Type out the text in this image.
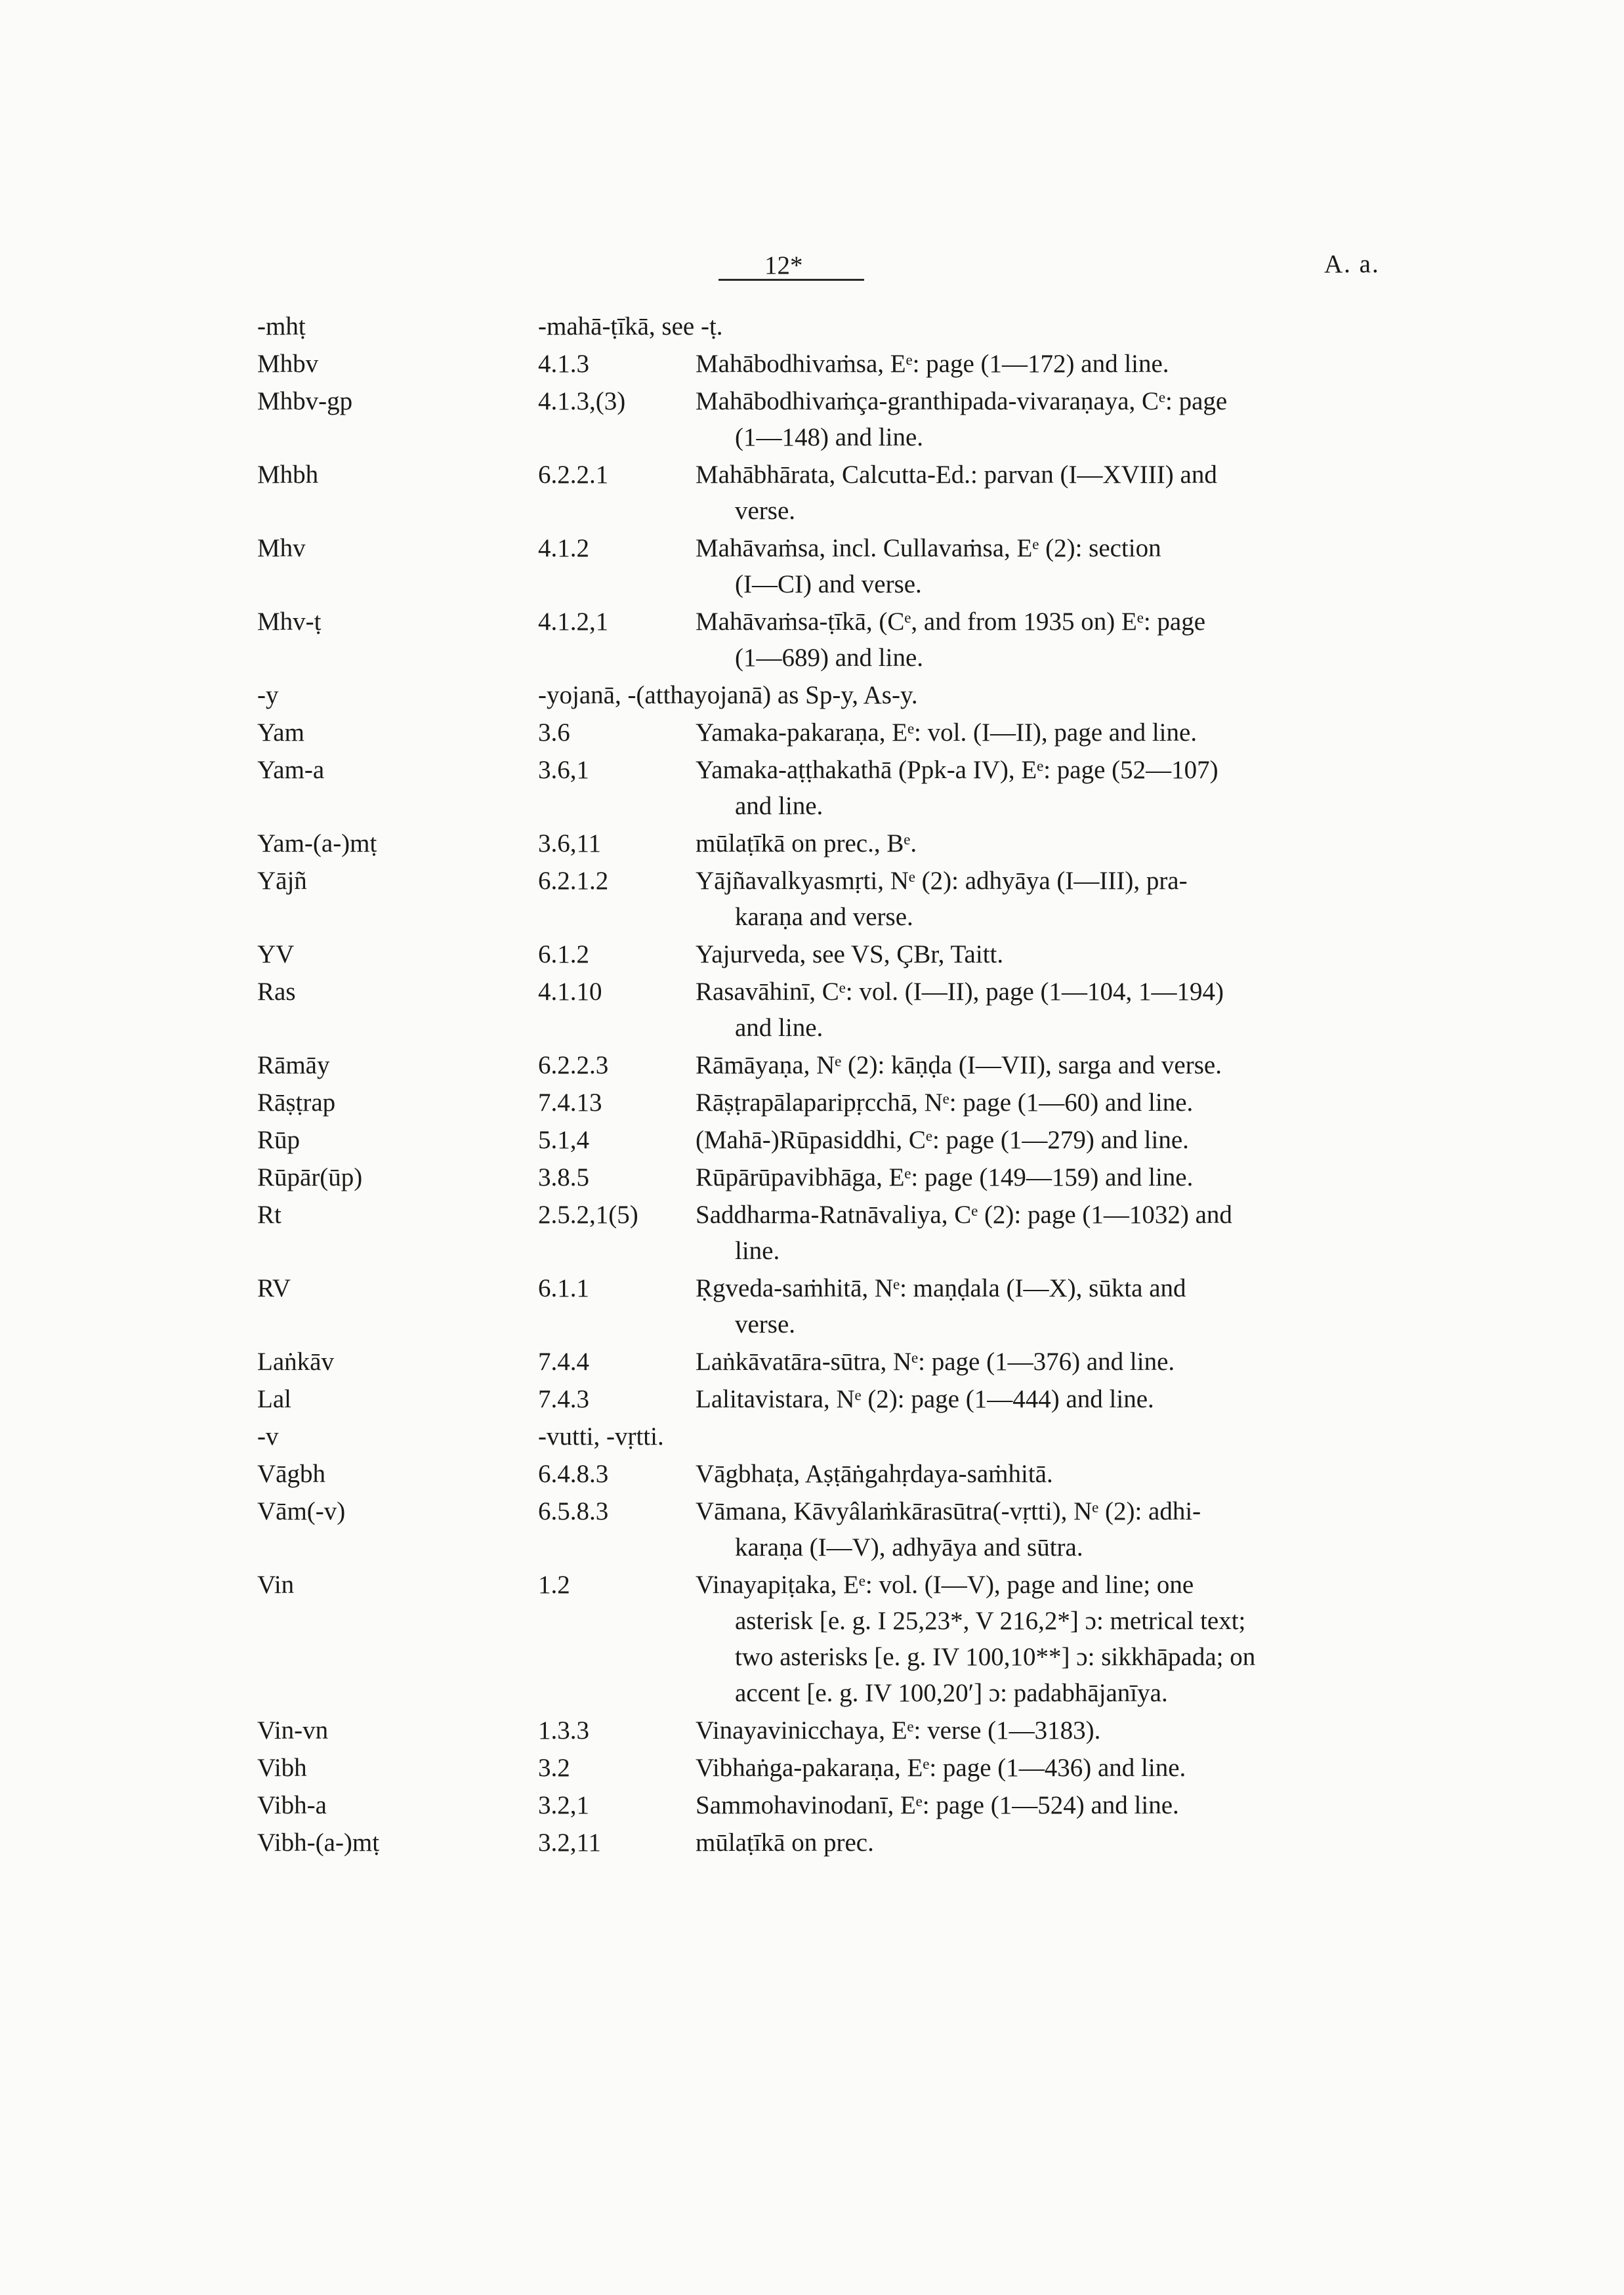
12*	A. a.
-mhṭ	-mahā-ṭīkā, see -ṭ.
Mhbv	4.1.3	Mahābodhivaṁsa, Eᵉ: page (1—172) and line.
Mhbv-gp	4.1.3,(3)	Mahābodhivaṁça-granthipada-vivaraṇaya, Cᵉ: page
(1—148) and line.
Mhbh	6.2.2.1	Mahābhārata, Calcutta-Ed.: parvan (I—XVIII) and
verse.
Mhv	4.1.2	Mahāvaṁsa, incl. Cullavaṁsa, Eᵉ (2): section
(I—CI) and verse.
Mhv-ṭ	4.1.2,1	Mahāvaṁsa-ṭīkā, (Cᵉ, and from 1935 on) Eᵉ: page
(1—689) and line.
-y	-yojanā, -(atthayojanā) as Sp-y, As-y.
Yam	3.6	Yamaka-pakaraṇa, Eᵉ: vol. (I—II), page and line.
Yam-a	3.6,1	Yamaka-aṭṭhakathā (Ppk-a IV), Eᵉ: page (52—107)
and line.
Yam-(a-)mṭ	3.6,11	mūlaṭīkā on prec., Bᵉ.
Yājñ	6.2.1.2	Yājñavalkyasmṛti, Nᵉ (2): adhyāya (I—III), pra-
karaṇa and verse.
YV	6.1.2	Yajurveda, see VS, ÇBr, Taitt.
Ras	4.1.10	Rasavāhinī, Cᵉ: vol. (I—II), page (1—104, 1—194)
and line.
Rāmāy	6.2.2.3	Rāmāyaṇa, Nᵉ (2): kāṇḍa (I—VII), sarga and verse.
Rāṣṭrap	7.4.13	Rāṣṭrapālaparipṛcchā, Nᵉ: page (1—60) and line.
Rūp	5.1,4	(Mahā-)Rūpasiddhi, Cᵉ: page (1—279) and line.
Rūpār(ūp)	3.8.5	Rūpārūpavibhāga, Eᵉ: page (149—159) and line.
Rt	2.5.2,1(5)	Saddharma-Ratnāvaliya, Cᵉ (2): page (1—1032) and
line.
RV	6.1.1	Ṛgveda-saṁhitā, Nᵉ: maṇḍala (I—X), sūkta and
verse.
Laṅkāv	7.4.4	Laṅkāvatāra-sūtra, Nᵉ: page (1—376) and line.
Lal	7.4.3	Lalitavistara, Nᵉ (2): page (1—444) and line.
-v	-vutti, -vṛtti.
Vāgbh	6.4.8.3	Vāgbhaṭa, Aṣṭāṅgahṛdaya-saṁhitā.
Vām(-v)	6.5.8.3	Vāmana, Kāvyâlaṁkārasūtra(-vṛtti), Nᵉ (2): adhi-
karaṇa (I—V), adhyāya and sūtra.
Vin	1.2	Vinayapiṭaka, Eᵉ: vol. (I—V), page and line; one
asterisk [e. g. I 25,23*, V 216,2*] ɔ: metrical text;
two asterisks [e. g. IV 100,10**] ɔ: sikkhāpada; on
accent [e. g. IV 100,20′] ɔ: padabhājanīya.
Vin-vn	1.3.3	Vinayavinicchaya, Eᵉ: verse (1—3183).
Vibh	3.2	Vibhaṅga-pakaraṇa, Eᵉ: page (1—436) and line.
Vibh-a	3.2,1	Sammohavinodanī, Eᵉ: page (1—524) and line.
Vibh-(a-)mṭ	3.2,11	mūlaṭīkā on prec.
